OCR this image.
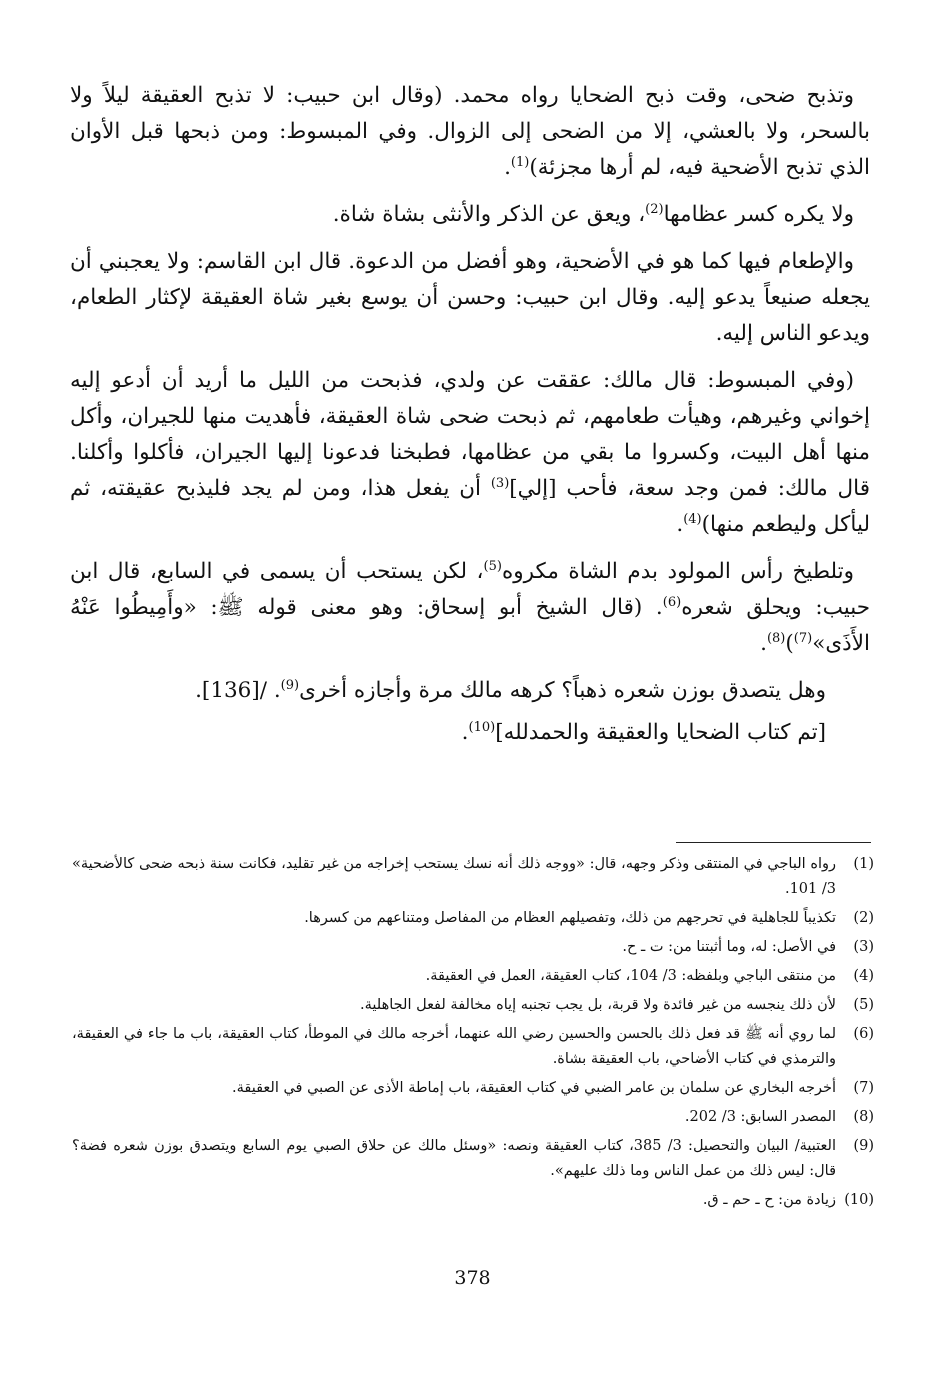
وتذبح ضحى، وقت ذبح الضحايا رواه محمد. (وقال ابن حبيب: لا تذبح العقيقة ليلاً ولا بالسحر، ولا بالعشي، إلا من الضحى إلى الزوال. وفي المبسوط: ومن ذبحها قبل الأوان الذي تذبح الأضحية فيه، لم أرها مجزئة)$^{(1)}$.

ولا يكره كسر عظامها$^{(2)}$، ويعق عن الذكر والأنثى بشاة شاة.

والإطعام فيها كما هو في الأضحية، وهو أفضل من الدعوة. قال ابن القاسم: ولا يعجبني أن يجعله صنيعاً يدعو إليه. وقال ابن حبيب: وحسن أن يوسع بغير شاة العقيقة لإكثار الطعام، ويدعو الناس إليه.

(وفي المبسوط: قال مالك: عققت عن ولدي، فذبحت من الليل ما أريد أن أدعو إليه إخواني وغيرهم، وهيأت طعامهم، ثم ذبحت ضحى شاة العقيقة، فأهديت منها للجيران، وأكل منها أهل البيت، وكسروا ما بقي من عظامها، فطبخنا فدعونا إليها الجيران، فأكلوا وأكلنا. قال مالك: فمن وجد سعة، فأحب [إلي]$^{(3)}$ أن يفعل هذا، ومن لم يجد فليذبح عقيقته، ثم ليأكل وليطعم منها)$^{(4)}$.

وتلطيخ رأس المولود بدم الشاة مكروه$^{(5)}$، لكن يستحب أن يسمى في السابع، قال ابن حبيب: ويحلق شعره$^{(6)}$. (قال الشيخ أبو إسحاق: وهو معنى قوله ﷺ: «وأَمِيطُوا عَنْهُ الأَذَى»$^{(7)}$)$^{(8)}$.

وهل يتصدق بوزن شعره ذهباً؟ كرهه مالك مرة وأجازه أخرى$^{(9)}$. /[136].

[تم كتاب الضحايا والعقيقة والحمدلله]$^{(10)}$.

(1)
رواه الباجي في المنتقى وذكر وجهه، قال: «ووجه ذلك أنه نسك يستحب إخراجه من غير تقليد، فكانت سنة ذبحه ضحى كالأضحية» 3/ 101.
(2)
تكذيباً للجاهلية في تحرجهم من ذلك، وتفصيلهم العظام من المفاصل ومتناعهم من كسرها.
(3)
في الأصل: له، وما أثبتنا من: ت ـ ح.
(4)
من منتقى الباجي وبلفظه: 3/ 104، كتاب العقيقة، العمل في العقيقة.
(5)
لأن ذلك ينجسه من غير فائدة ولا قربة، بل يجب تجنبه إياه مخالفة لفعل الجاهلية.
(6)
لما روي أنه ﷺ قد فعل ذلك بالحسن والحسين رضي الله عنهما، أخرجه مالك في الموطأ، كتاب العقيقة، باب ما جاء في العقيقة، والترمذي في كتاب الأضاحي، باب العقيقة بشاة.
(7)
أخرجه البخاري عن سلمان بن عامر الضبي في كتاب العقيقة، باب إماطة الأذى عن الصبي في العقيقة.
(8)
المصدر السابق: 3/ 202.
(9)
العتبية/ البيان والتحصيل: 3/ 385، كتاب العقيقة ونصه: «وسئل مالك عن حلاق الصبي يوم السابع ويتصدق بوزن شعره فضة؟ قال: ليس ذلك من عمل الناس وما ذلك عليهم».
(10)
زيادة من: ح ـ حم ـ ق.
378
